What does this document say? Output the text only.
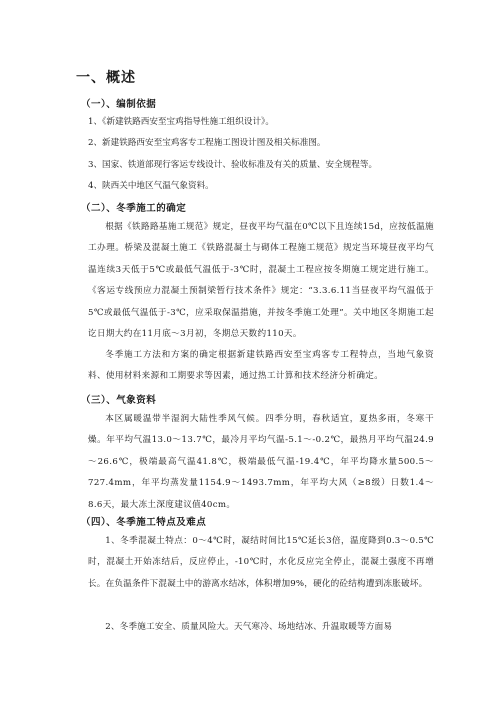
一、概述
（一）、编制依据
1、《新建铁路西安至宝鸡指导性施工组织设计》。
2、新建铁路西安至宝鸡客专工程施工图设计图及相关标准图。
3、国家、铁道部现行客运专线设计、验收标准及有关的质量、安全规程等。
4、陕西关中地区气温气象资料。
（二）、冬季施工的确定
根据《铁路路基施工规范》规定，昼夜平均气温在0℃以下且连续15d，应按低温施工办理。桥梁及混凝土施工《铁路混凝土与砌体工程施工规范》规定当环境昼夜平均气温连续3天低于5℃或最低气温低于-3℃时，混凝土工程应按冬期施工规定进行施工。《客运专线预应力混凝土预制梁暂行技术条件》规定：“3.3.6.11当昼夜平均气温低于5℃或最低气温低于-3℃，应采取保温措施，并按冬季施工处理”。关中地区冬期施工起讫日期大约在11月底～3月初，冬期总天数约110天。
冬季施工方法和方案的确定根据新建铁路西安至宝鸡客专工程特点，当地气象资料、使用材料来源和工期要求等因素，通过热工计算和技术经济分析确定。
（三）、气象资料
本区属暖温带半湿润大陆性季风气候。四季分明，春秋适宜，夏热多雨，冬寒干燥。年平均气温13.0～13.7℃，最冷月平均气温-5.1～-0.2℃，最热月平均气温24.9～26.6℃，极端最高气温41.8℃，极端最低气温-19.4℃，年平均降水量500.5～727.4mm，年平均蒸发量1154.9～1493.7mm，年平均大风（≥8级）日数1.4～8.6天，最大冻土深度建议值40cm。
（四）、冬季施工特点及难点
1、冬季混凝土特点：0～4℃时，凝结时间比15℃延长3倍，温度降到0.3～0.5℃时，混凝土开始冻结后，反应停止，-10℃时，水化反应完全停止，混凝土强度不再增长。在负温条件下混凝土中的游离水结冰，体积增加9%，硬化的砼结构遭到冻胀破坏。
2、冬季施工安全、质量风险大。天气寒冷、场地结冰、升温取暖等方面易
